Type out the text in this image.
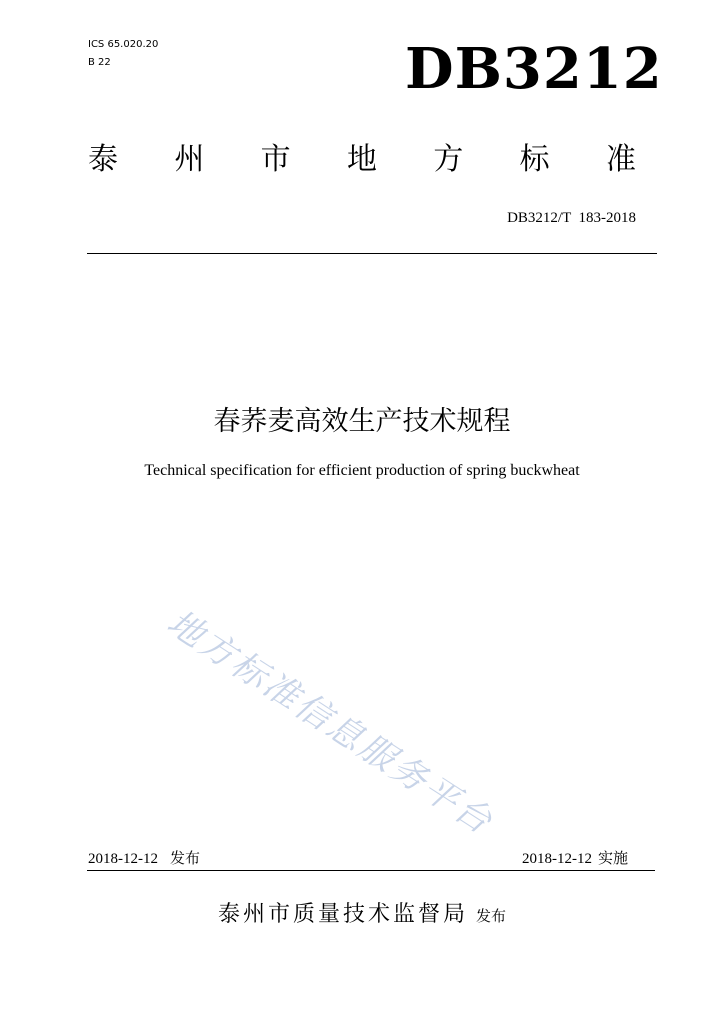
ICS 65.020.20
B 22	DB3212
泰 州 市 地 方 标 准
DB3212/T  183-2018
春荞麦高效生产技术规程
Technical specification for efficient production of spring buckwheat
地方标准信息服务平台
2018-12-12 发布	2018-12-12 实施
泰州市质量技术监督局 发布
